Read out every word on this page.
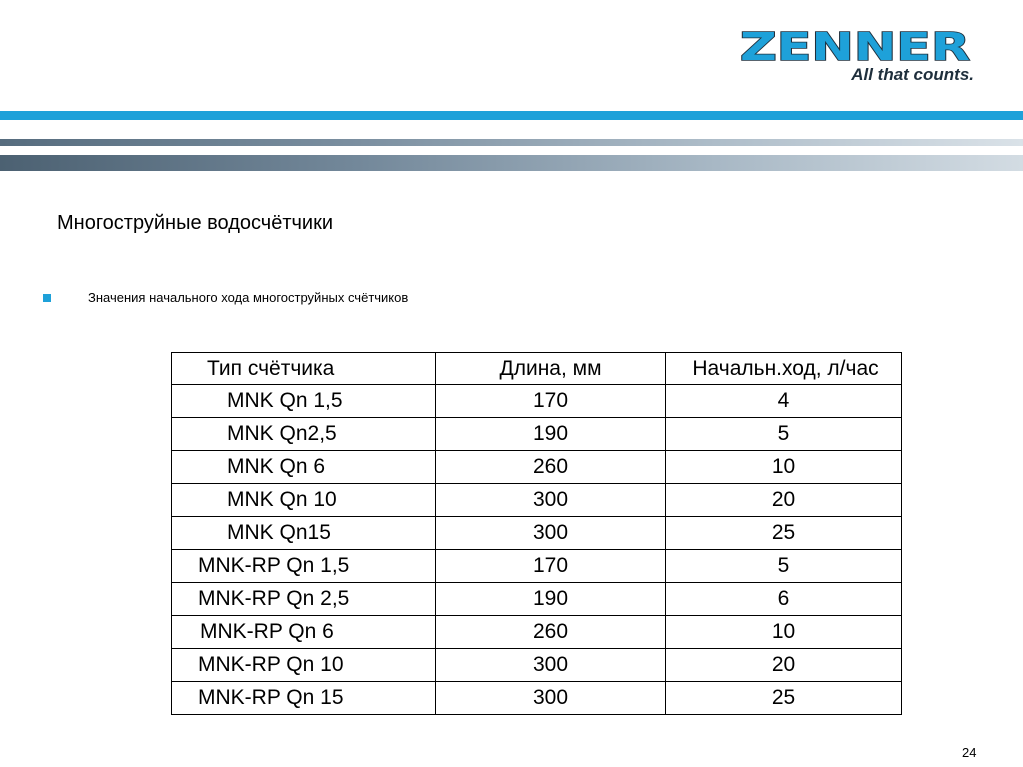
ZENNER
All that counts.
Многоструйные водосчётчики
Значения начального хода многоструйных счётчиков
Тип счётчика	Длина, мм	Начальн.ход, л/час
MNK Qn 1,5	170	4
MNK Qn2,5	190	5
MNK Qn 6	260	10
MNK Qn 10	300	20
MNK Qn15	300	25
MNK-RP Qn 1,5	170	5
MNK-RP Qn 2,5	190	6
MNK-RP Qn 6	260	10
MNK-RP Qn 10	300	20
MNK-RP Qn 15	300	25
24
